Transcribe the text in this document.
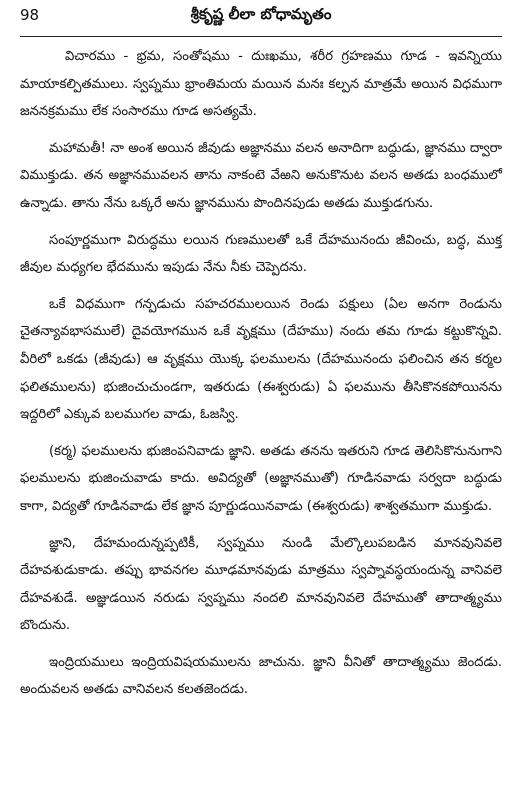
98	శ్రీకృష్ణ లీలా బోధామృతం

విచారము - భ్రమ, సంతోషము - దుఃఖము, శరీర గ్రహణము గూడ - ఇవన్నియు మాయాకల్పితములు. స్వప్నము భ్రాంతిమయ మయిన మనః కల్పన మాత్రమే అయిన విధముగా జననక్రమము లేక సంసారము గూడ అసత్యమే.

మహామతీ! నా అంశ అయిన జీవుడు అజ్ఞానము వలన అనాదిగా బద్ధుడు, జ్ఞానము ద్వారా విముక్తుడు. తన అజ్ఞానమువలన తాను నాకంటె వేఱని అనుకొనుట వలన అతడు బంధములో ఉన్నాడు. తాను నేను ఒక్కరే అను జ్ఞానమును పొందినపుడు అతడు ముక్తుడగును.

సంపూర్ణముగా విరుద్ధము లయిన గుణములతో ఒకే దేహమునందు జీవించు, బద్ధ, ముక్త జీవుల మధ్యగల భేదమును ఇపుడు నేను నీకు చెప్పెదను.

ఒకే విధముగా గన్పడుచు సహచరములయిన రెండు పక్షులు (ఏల అనగా రెండును చైతన్యావభాసములే) దైవయోగమున ఒకే వృక్షము (దేహము) నందు తమ గూడు కట్టుకొన్నవి. వీరిలో ఒకడు (జీవుడు) ఆ వృక్షము యొక్క ఫలములను (దేహమునందు ఫలించిన తన కర్మల ఫలితములను) భుజించుచుండగా, ఇతరుడు (ఈశ్వరుడు) ఏ ఫలమును తీసికొనకపోయినను ఇద్దరిలో ఎక్కువ బలముగల వాడు, ఓజస్వి.

(కర్మ) ఫలములను భుజింపనివాడు జ్ఞాని. అతడు తనను ఇతరుని గూడ తెలిసికొనునుగాని ఫలములను భుజించువాడు కాదు. అవిద్యతో (అజ్ఞానముతో) గూడినవాడు సర్వదా బద్ధుడు కాగా, విద్యతో గూడినవాడు లేక జ్ఞాన పూర్ణుడయినవాడు (ఈశ్వరుడు) శాశ్వతముగా ముక్తుడు.

జ్ఞాని, దేహమందున్నప్పటికీ, స్వప్నము నుండి మేల్కొలుపబడిన మానవునివలె దేహవశుడుకాడు. తప్పు భావనగల మూఢమానవుడు మాత్రము స్వప్నావస్థయందున్న వానివలె దేహవశుడే. అజ్ఞుడయిన నరుడు స్వప్నము నందలి మానవునివలె దేహముతో తాదాత్మ్యము బొందును.

ఇంద్రియములు ఇంద్రియవిషయములను జాచును. జ్ఞాని వీనితో తాదాత్మ్యము జెందడు. అందువలన అతడు వానివలన కలతజెందడు.
